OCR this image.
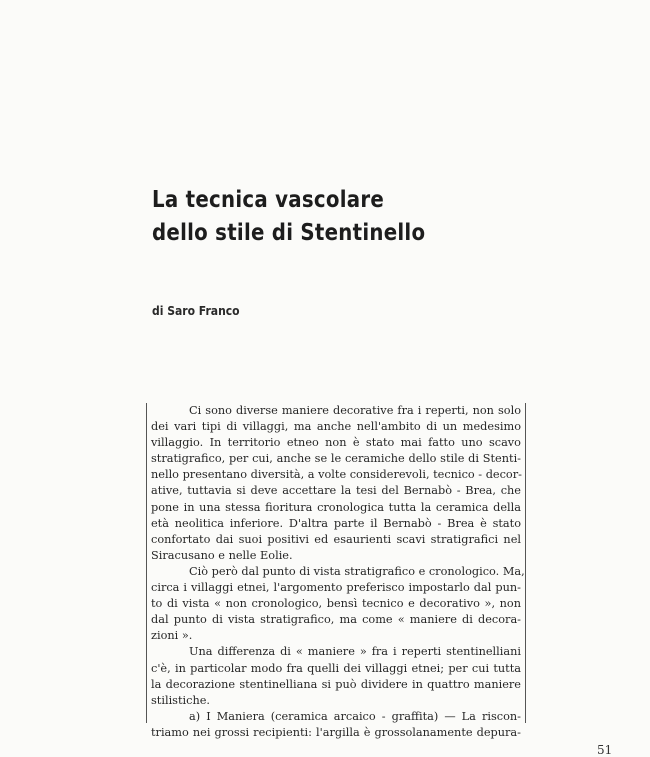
La tecnica vascolare
dello stile di Stentinello
di Saro Franco
Ci sono diverse maniere decorative fra i reperti, non solo
dei vari tipi di villaggi, ma anche nell'ambito di un medesimo
villaggio. In territorio etneo non è stato mai fatto uno scavo
stratigrafico, per cui, anche se le ceramiche dello stile di Stenti-
nello presentano diversità, a volte considerevoli, tecnico - decor-
ative, tuttavia si deve accettare la tesi del Bernabò - Brea, che
pone in una stessa fioritura cronologica tutta la ceramica della
età neolitica inferiore. D'altra parte il Bernabò - Brea è stato
confortato dai suoi positivi ed esaurienti scavi stratigrafici nel
Siracusano e nelle Eolie.
Ciò però dal punto di vista stratigrafico e cronologico. Ma,
circa i villaggi etnei, l'argomento preferisco impostarlo dal pun-
to di vista « non cronologico, bensì tecnico e decorativo », non
dal punto di vista stratigrafico, ma come « maniere di decora-
zioni ».
Una differenza di « maniere » fra i reperti stentinelliani
c'è, in particolar modo fra quelli dei villaggi etnei; per cui tutta
la decorazione stentinelliana si può dividere in quattro maniere
stilistiche.
a) I Maniera (ceramica arcaico - graffita) — La riscon-
triamo nei grossi recipienti: l'argilla è grossolanamente depura-
51
